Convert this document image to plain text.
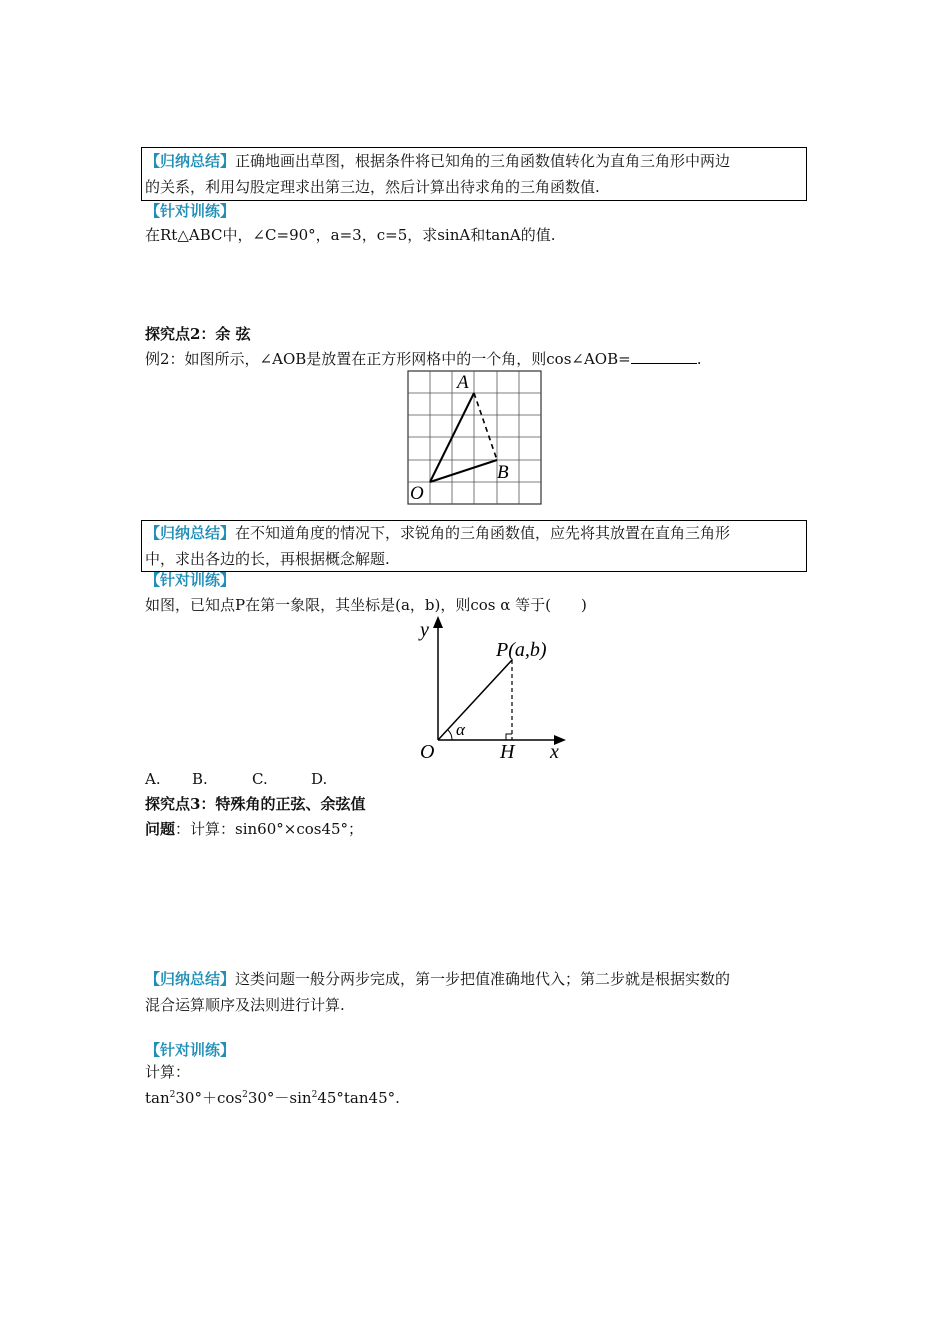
【归纳总结】正确地画出草图，根据条件将已知角的三角函数值转化为直角三角形中两边
的关系，利用勾股定理求出第三边，然后计算出待求角的三角函数值.
【针对训练】
在Rt△ABC中，∠C=90°，a=3，c=5，求sinA和tanA的值.
探究点2：余 弦
例2：如图所示，∠AOB是放置在正方形网格中的一个角，则cos∠AOB=	.
A
B
O
【归纳总结】在不知道角度的情况下，求锐角的三角函数值，应先将其放置在直角三角形
中，求出各边的长，再根据概念解题.
【针对训练】
如图，已知点P在第一象限，其坐标是(a，b)，则cos α 等于(　　)
y
x
P(a,b)
O	H
α
A. B.	C.	D.
探究点3：特殊角的正弦、余弦值
问题：计算：sin60°×cos45°；
【归纳总结】这类问题一般分两步完成，第一步把值准确地代入；第二步就是根据实数的
混合运算顺序及法则进行计算.
【针对训练】
计算：
$\tan^230^\circ+\cos^230^\circ-\sin^245^\circ\tan 45^\circ$.
